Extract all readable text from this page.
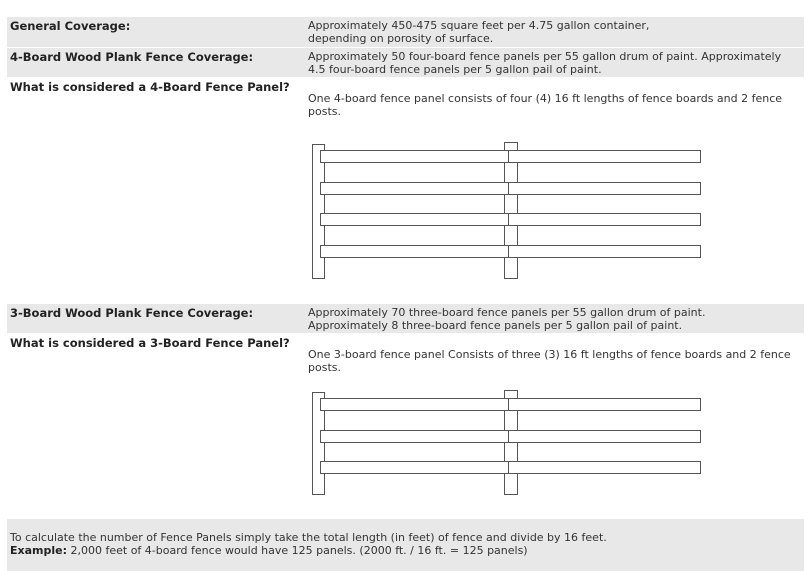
General Coverage:	Approximately 450-475 square feet per 4.75 gallon container,
depending on porosity of surface.
4-Board Wood Plank Fence Coverage:	Approximately 50 four-board fence panels per 55 gallon drum of paint. Approximately
4.5 four-board fence panels per 5 gallon pail of paint.
What is considered a 4-Board Fence Panel?
One 4-board fence panel consists of four (4) 16 ft lengths of fence boards and 2 fence
posts.
3-Board Wood Plank Fence Coverage:	Approximately 70 three-board fence panels per 55 gallon drum of paint.
Approximately 8 three-board fence panels per 5 gallon pail of paint.
What is considered a 3-Board Fence Panel?
One 3-board fence panel Consists of three (3) 16 ft lengths of fence boards and 2 fence
posts.
To calculate the number of Fence Panels simply take the total length (in feet) of fence and divide by 16 feet.
Example: 2,000 feet of 4-board fence would have 125 panels. (2000 ft. / 16 ft. = 125 panels)
